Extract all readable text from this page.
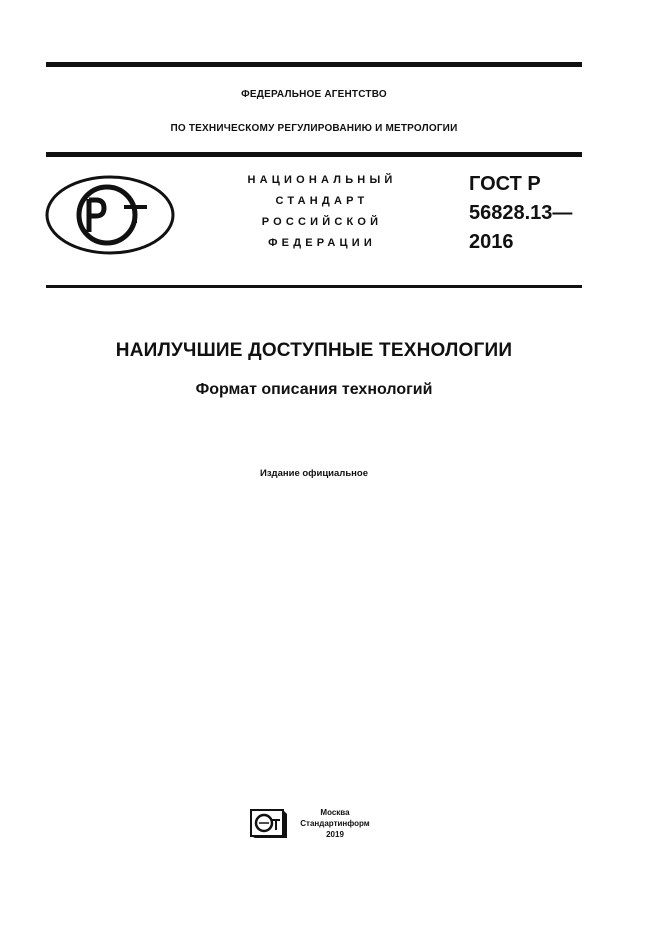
ФЕДЕРАЛЬНОЕ АГЕНТСТВО
ПО ТЕХНИЧЕСКОМУ РЕГУЛИРОВАНИЮ И МЕТРОЛОГИИ
НАЦИОНАЛЬНЫЙ
СТАНДАРТ
РОССИЙСКОЙ
ФЕДЕРАЦИИ
ГОСТ Р
56828.13—
2016
НАИЛУЧШИЕ ДОСТУПНЫЕ ТЕХНОЛОГИИ
Формат описания технологий
Издание официальное
Москва
Стандартинформ
2019
